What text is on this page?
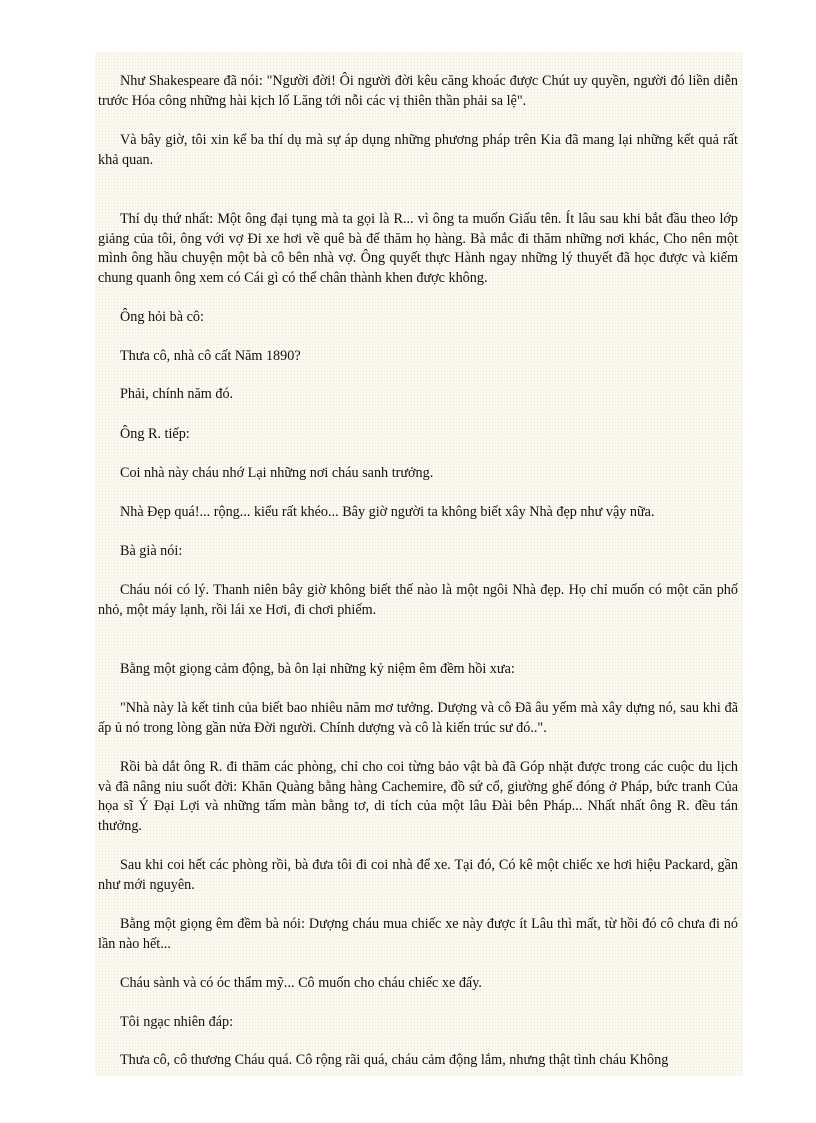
Như Shakespeare đã nói: "Người đời! Ôi người đời kêu căng khoác được Chút uy quyền, người đó liền diễn trước Hóa công những hài kịch lố Lăng tới nỗi các vị thiên thần phải sa lệ".

Và bây giờ, tôi xin kể ba thí dụ mà sự áp dụng những phương pháp trên Kia đã mang lại những kết quả rất khả quan.

Thí dụ thứ nhất: Một ông đại tụng mà ta gọi là R... vì ông ta muốn Giấu tên. Ít lâu sau khi bắt đầu theo lớp giảng của tôi, ông với vợ Đi xe hơi về quê bà để thăm họ hàng. Bà mắc đi thăm những nơi khác, Cho nên một mình ông hầu chuyện một bà cô bên nhà vợ. Ông quyết thực Hành ngay những lý thuyết đã học được và kiếm chung quanh ông xem có Cái gì có thể chân thành khen được không.

Ông hỏi bà cô:

Thưa cô, nhà cô cất Năm 1890?

Phải, chính năm đó.

Ông R. tiếp:

Coi nhà này cháu nhớ Lại những nơi cháu sanh trưởng.

Nhà Đẹp quá!... rộng... kiểu rất khéo... Bây giờ người ta không biết xây Nhà đẹp như vậy nữa.

Bà già nói:

Cháu nói có lý. Thanh niên bây giờ không biết thế nào là một ngôi Nhà đẹp. Họ chỉ muốn có một căn phố nhỏ, một máy lạnh, rồi lái xe Hơi, đi chơi phiếm.

Bằng một giọng cảm động, bà ôn lại những kỷ niệm êm đềm hồi xưa:

"Nhà này là kết tinh của biết bao nhiêu năm mơ tưởng. Dượng và cô Đã âu yếm mà xây dựng nó, sau khi đã ấp ủ nó trong lòng gần nửa Đời người. Chính dượng và cô là kiến trúc sư đó..".

Rồi bà dắt ông R. đi thăm các phòng, chỉ cho coi từng bảo vật bà đã Góp nhặt được trong các cuộc du lịch và đã nâng niu suốt đời: Khăn Quàng bằng hàng Cachemire, đồ sứ cổ, giường ghế đóng ở Pháp, bức tranh Của họa sĩ Ý Đại Lợi và những tấm màn bằng tơ, di tích của một lâu Đài bên Pháp... Nhất nhất ông R. đều tán thưởng.

Sau khi coi hết các phòng rồi, bà đưa tôi đi coi nhà để xe. Tại đó, Có kê một chiếc xe hơi hiệu Packard, gần như mới nguyên.

Bằng một giọng êm đềm bà nói: Dượng cháu mua chiếc xe này được ít Lâu thì mất, từ hồi đó cô chưa đi nó lần nào hết...

Cháu sành và có óc thẩm mỹ... Cô muốn cho cháu chiếc xe đấy.

Tôi ngạc nhiên đáp:

Thưa cô, cô thương Cháu quá. Cô rộng rãi quá, cháu cảm động lắm, nhưng thật tình cháu Không
